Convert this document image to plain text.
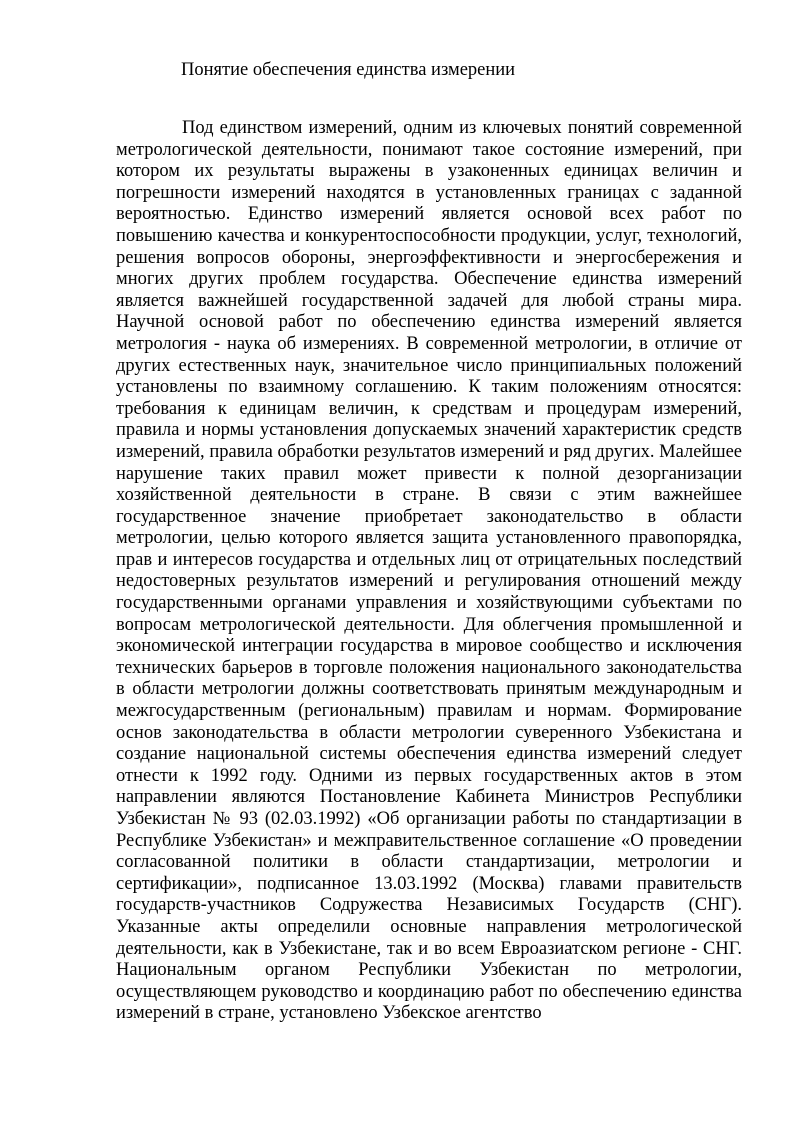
Понятие обеспечения единства измерении

Под единством измерений, одним из ключевых понятий современной метрологической деятельности, понимают такое состояние измерений, при котором их результаты выражены в узаконенных единицах величин и погрешности измерений находятся в установленных границах с заданной вероятностью. Единство измерений является основой всех работ по повышению качества и конкурентоспособности продукции, услуг, технологий, решения вопросов обороны, энергоэффективности и энергосбережения и многих других проблем государства. Обеспечение единства измерений является важнейшей государственной задачей для любой страны мира. Научной основой работ по обеспечению единства измерений является метрология - наука об измерениях. В современной метрологии, в отличие от других естественных наук, значительное число принципиальных положений установлены по взаимному соглашению. К таким положениям относятся: требования к единицам величин, к средствам и процедурам измерений, правила и нормы установления допускаемых значений характеристик средств измерений, правила обработки результатов измерений и ряд других. Малейшее нарушение таких правил может привести к полной дезорганизации хозяйственной деятельности в стране. В связи с этим важнейшее государственное значение приобретает законодательство в области метрологии, целью которого является защита установленного правопорядка, прав и интересов государства и отдельных лиц от отрицательных последствий недостоверных результатов измерений и регулирования отношений между государственными органами управления и хозяйствующими субъектами по вопросам метрологической деятельности. Для облегчения промышленной и экономической интеграции государства в мировое сообщество и исключения технических барьеров в торговле положения национального законодательства в области метрологии должны соответствовать принятым международным и межгосударственным (региональным) правилам и нормам. Формирование основ законодательства в области метрологии суверенного Узбекистана и создание национальной системы обеспечения единства измерений следует отнести к 1992 году. Одними из первых государственных актов в этом направлении являются Постановление Кабинета Министров Республики Узбекистан № 93 (02.03.1992) «Об организации работы по стандартизации в Республике Узбекистан» и межправительственное соглашение «О проведении согласованной политики в области стандартизации, метрологии и сертификации», подписанное 13.03.1992 (Москва) главами правительств государств-участников Содружества Независимых Государств (СНГ). Указанные акты определили основные направления метрологической деятельности, как в Узбекистане, так и во всем Евроазиатском регионе - СНГ. Национальным органом Республики Узбекистан по метрологии, осуществляющем руководство и координацию работ по обеспечению единства измерений в стране, установлено Узбекское агентство
